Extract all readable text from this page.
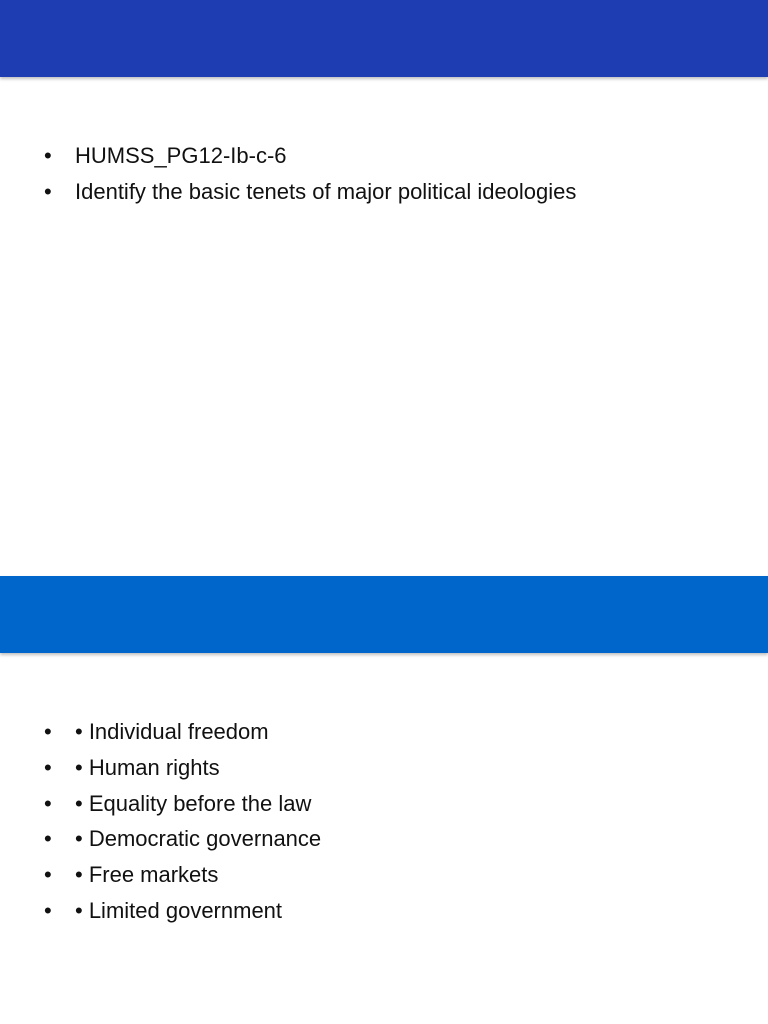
• HUMSS_PG12-Ib-c-6
• Identify the basic tenets of major political ideologies
• • Individual freedom
• • Human rights
• • Equality before the law
• • Democratic governance
• • Free markets
• • Limited government
